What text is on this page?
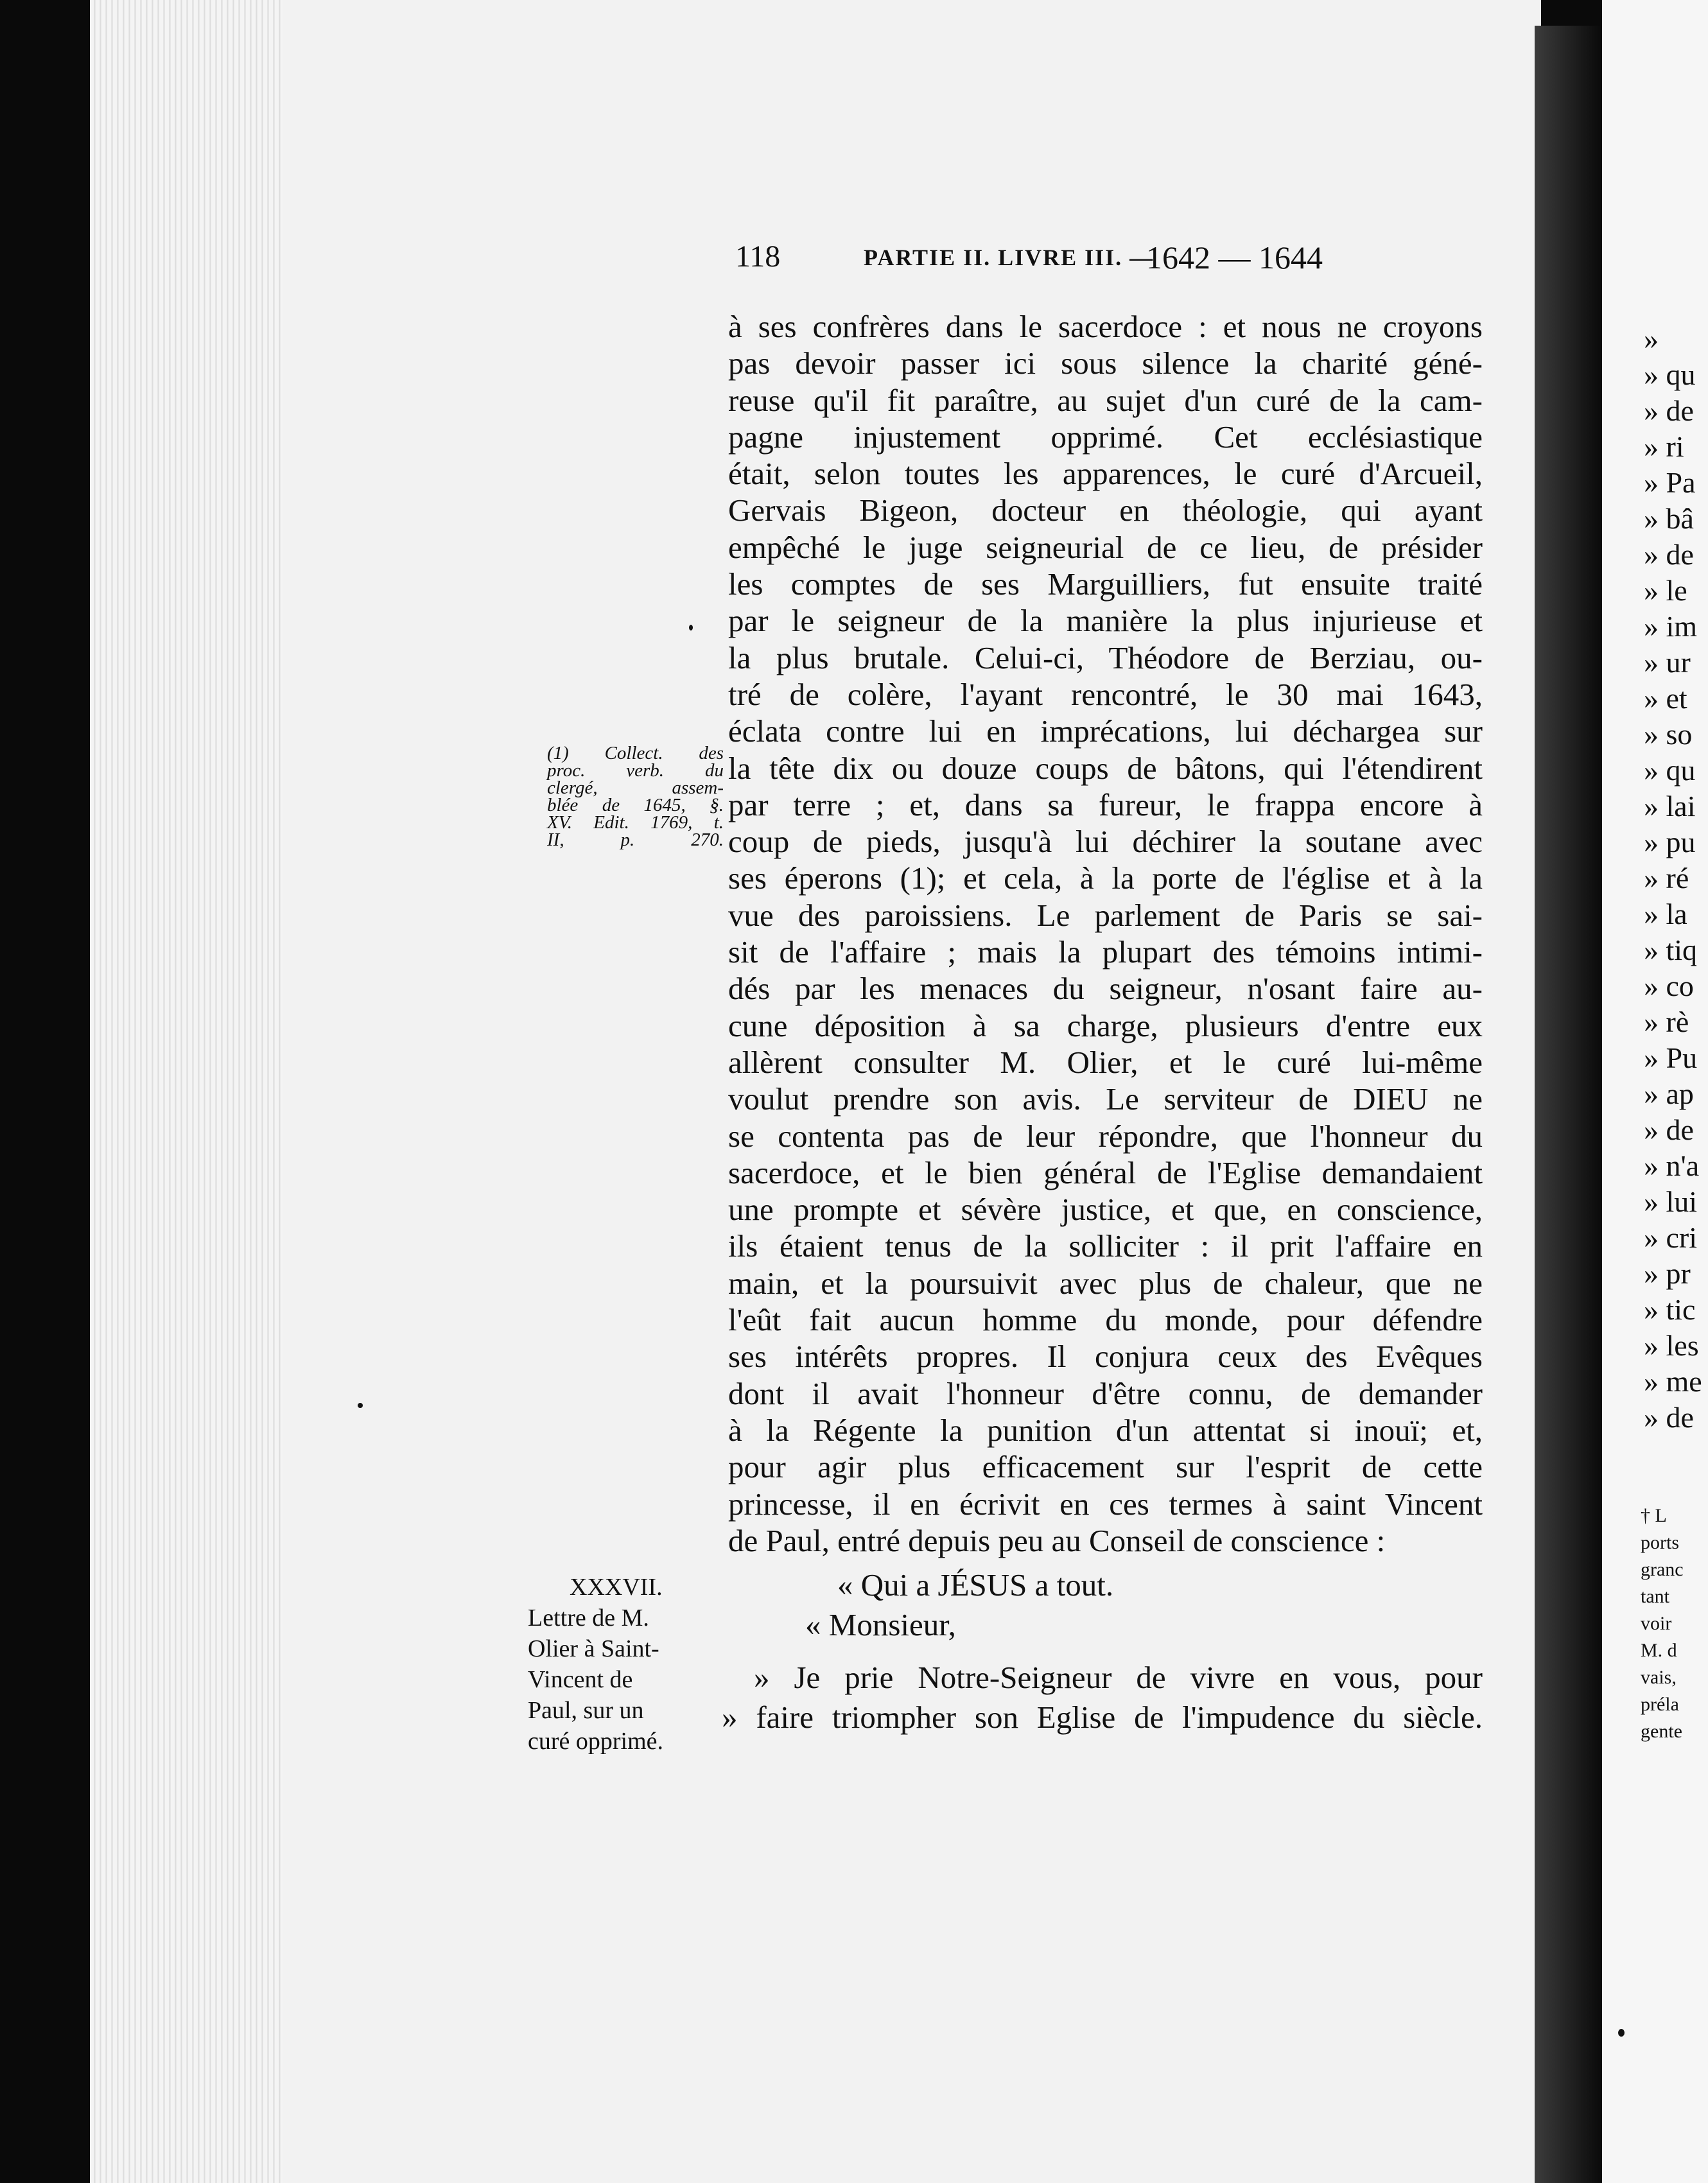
»
» qu
» de
» ri
» Pa
» bâ
» de
» le
» im
» ur
» et
» so
» qu
» lai
» pu
» ré
» la
» tiq
» co
» rè
» Pu
» ap
» de
» n'a
» lui
» cri
» pr
» tic
» les
» me
» de
† L
ports
granc
tant
voir
M. d
vais,
préla
gente
118	PARTIE II. LIVRE III. —
1642 — 1644
à ses confrères dans le sacerdoce : et nous ne croyons
pas devoir passer ici sous silence la charité géné-
reuse qu'il fit paraître, au sujet d'un curé de la cam-
pagne injustement opprimé. Cet ecclésiastique
était, selon toutes les apparences, le curé d'Arcueil,
Gervais Bigeon, docteur en théologie, qui ayant
empêché le juge seigneurial de ce lieu, de présider
les comptes de ses Marguilliers, fut ensuite traité
par le seigneur de la manière la plus injurieuse et
la plus brutale. Celui-ci, Théodore de Berziau, ou-
tré de colère, l'ayant rencontré, le 30 mai 1643,
éclata contre lui en imprécations, lui déchargea sur
la tête dix ou douze coups de bâtons, qui l'étendirent
par terre ; et, dans sa fureur, le frappa encore à
coup de pieds, jusqu'à lui déchirer la soutane avec
ses éperons (1); et cela, à la porte de l'église et à la
vue des paroissiens. Le parlement de Paris se sai-
sit de l'affaire ; mais la plupart des témoins intimi-
dés par les menaces du seigneur, n'osant faire au-
cune déposition à sa charge, plusieurs d'entre eux
allèrent consulter M. Olier, et le curé lui-même
voulut prendre son avis. Le serviteur de DIEU ne
se contenta pas de leur répondre, que l'honneur du
sacerdoce, et le bien général de l'Eglise demandaient
une prompte et sévère justice, et que, en conscience,
ils étaient tenus de la solliciter : il prit l'affaire en
main, et la poursuivit avec plus de chaleur, que ne
l'eût fait aucun homme du monde, pour défendre
ses intérêts propres. Il conjura ceux des Evêques
dont il avait l'honneur d'être connu, de demander
à la Régente la punition d'un attentat si inouï; et,
pour agir plus efficacement sur l'esprit de cette
princesse, il en écrivit en ces termes à saint Vincent
de Paul, entré depuis peu au Conseil de conscience :
(1) Collect. des
proc. verb. du
clergé, assem-
blée de 1645, §.
XV. Edit. 1769, t.
II, p. 270.
XXXVII.
Lettre de M.
Olier à Saint-
Vincent de
Paul, sur un
curé opprimé.
« Qui a JÉSUS a tout.
« Monsieur,
» Je prie Notre-Seigneur de vivre en vous, pour
» faire triompher son Eglise de l'impudence du siècle.
